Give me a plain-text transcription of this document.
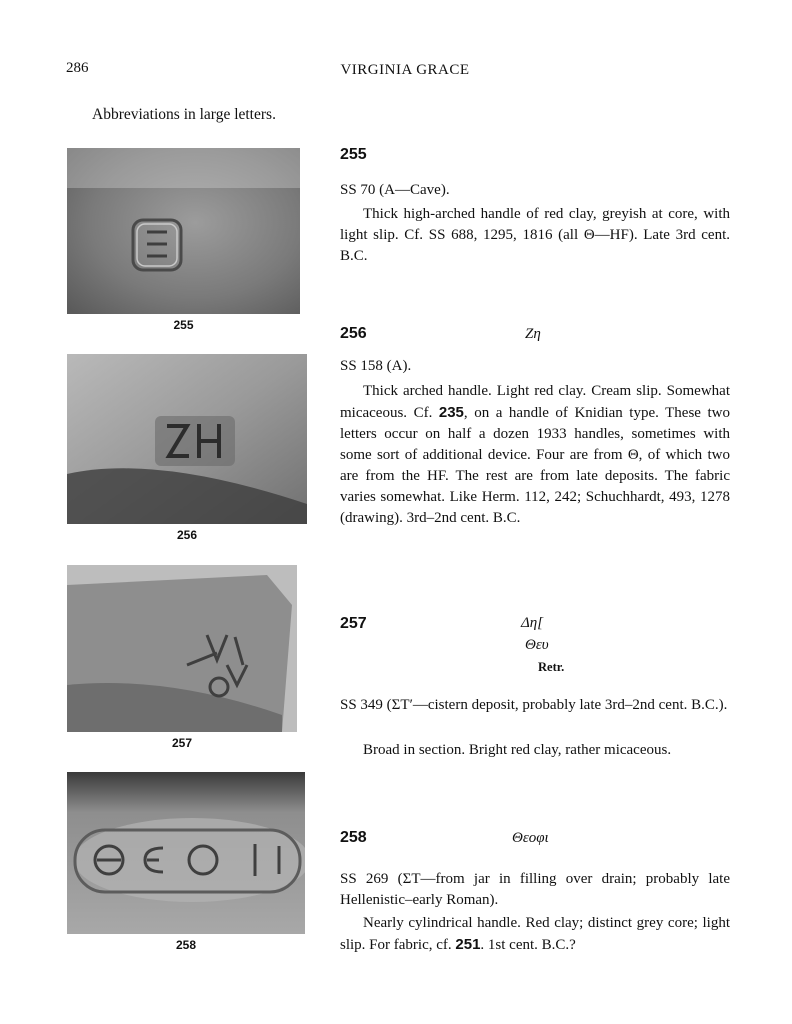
286	VIRGINIA GRACE
Abbreviations in large letters.
255
256
257
258
255
SS 70 (A—Cave).
Thick high-arched handle of red clay, greyish at core, with light slip. Cf. SS 688, 1295, 1816 (all Θ—HF). Late 3rd cent. B.C.
256	Ζη
SS 158 (A).
Thick arched handle. Light red clay. Cream slip. Somewhat micaceous. Cf. 235, on a handle of Knidian type. These two letters occur on half a dozen 1933 handles, sometimes with some sort of additional device. Four are from Θ, of which two are from the HF. The rest are from late deposits. The fabric varies somewhat. Like Herm. 112, 242; Schuchhardt, 493, 1278 (drawing). 3rd–2nd cent. B.C.
257	Δη[
Θευ
Retr.
SS 349 (ΣΤ′—cistern deposit, probably late 3rd–2nd cent. B.C.).
Broad in section. Bright red clay, rather micaceous.
258	Θεοφι
SS 269 (ΣΤ—from jar in filling over drain; probably late Hellenistic–early Roman).
Nearly cylindrical handle. Red clay; distinct grey core; light slip. For fabric, cf. 251. 1st cent. B.C.?
